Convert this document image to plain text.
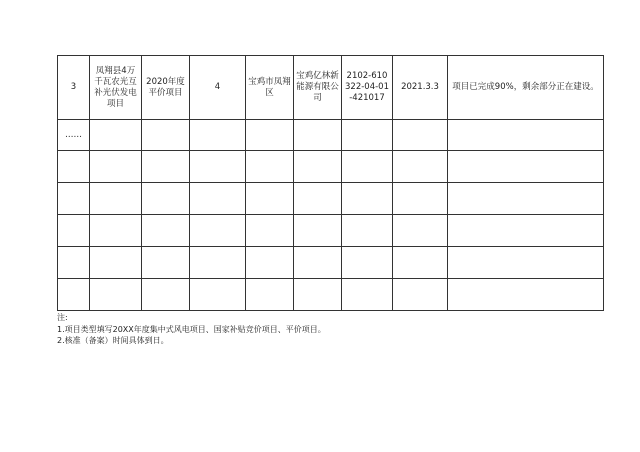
3	凤翔县4万千瓦农光互补光伏发电项目	2020年度平价项目	4	宝鸡市凤翔区	宝鸡亿林新能源有限公司	2102-610322-04-01-421017	2021.3.3	项目已完成90%，剩余部分正在建设。
……								

注:
1.项目类型填写20XX年度集中式风电项目、国家补贴竞价项目、平价项目。
2.核准（备案）时间具体到日。
